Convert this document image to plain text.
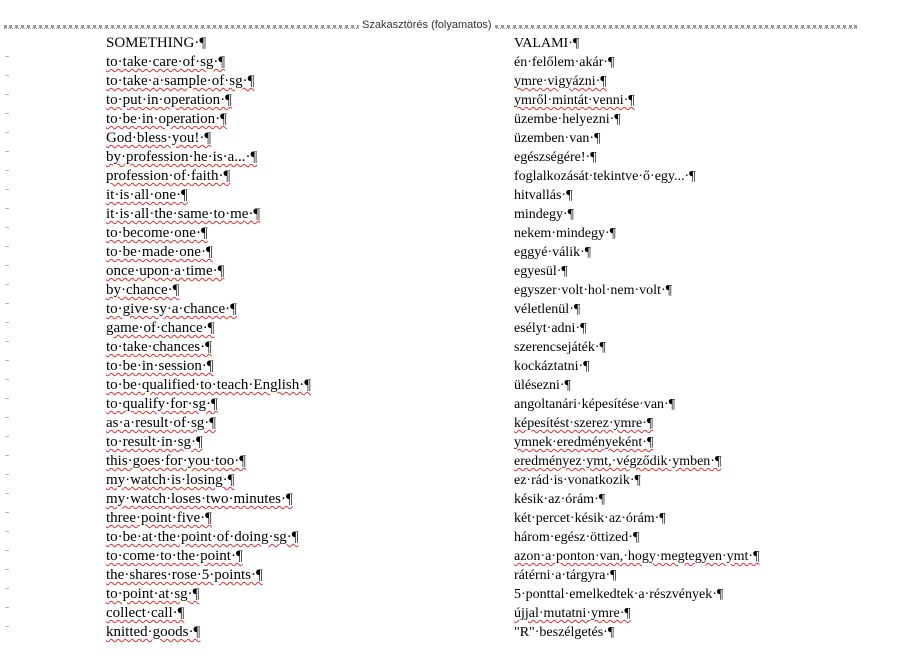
Szakasztörés (folyamatos)
SOMETHING·¶
to·take·care·of·sg·¶
to·take·a·sample·of·sg·¶
to·put·in·operation·¶
to·be·in·operation·¶
God·bless·you!·¶
by·profession·he·is·a...·¶
profession·of·faith·¶
it·is·all·one·¶
it·is·all·the·same·to·me·¶
to·become·one·¶
to·be·made·one·¶
once·upon·a·time·¶
by·chance·¶
to·give·sy·a·chance·¶
game·of·chance·¶
to·take·chances·¶
to·be·in·session·¶
to·be·qualified·to·teach·English·¶
to·qualify·for·sg·¶
as·a·result·of·sg·¶
to·result·in·sg·¶
this·goes·for·you·too·¶
my·watch·is·losing·¶
my·watch·loses·two·minutes·¶
three·point·five·¶
to·be·at·the·point·of·doing·sg·¶
to·come·to·the·point·¶
the·shares·rose·5·points·¶
to·point·at·sg·¶
collect·call·¶
knitted·goods·¶
VALAMI·¶
én·felőlem·akár·¶
ymre·vigyázni·¶
ymről·mintát·venni·¶
üzembe·helyezni·¶
üzemben·van·¶
egészségére!·¶
foglalkozását·tekintve·ő·egy...·¶
hitvallás·¶
mindegy·¶
nekem·mindegy·¶
eggyé·válik·¶
egyesül·¶
egyszer·volt·hol·nem·volt·¶
véletlenül·¶
esélyt·adni·¶
szerencsejáték·¶
kockáztatni·¶
ülésezni·¶
angoltanári·képesítése·van·¶
képesítést·szerez·ymre·¶
ymnek·eredményeként·¶
eredményez·ymt,·végződik·ymben·¶
ez·rád·is·vonatkozik·¶
késik·az·órám·¶
két·percet·késik·az·órám·¶
három·egész·öttized·¶
azon·a·ponton·van,·hogy·megtegyen·ymt·¶
rátérni·a·tárgyra·¶
5·ponttal·emelkedtek·a·részvények·¶
újjal·mutatni·ymre·¶
"R"·beszélgetés·¶
